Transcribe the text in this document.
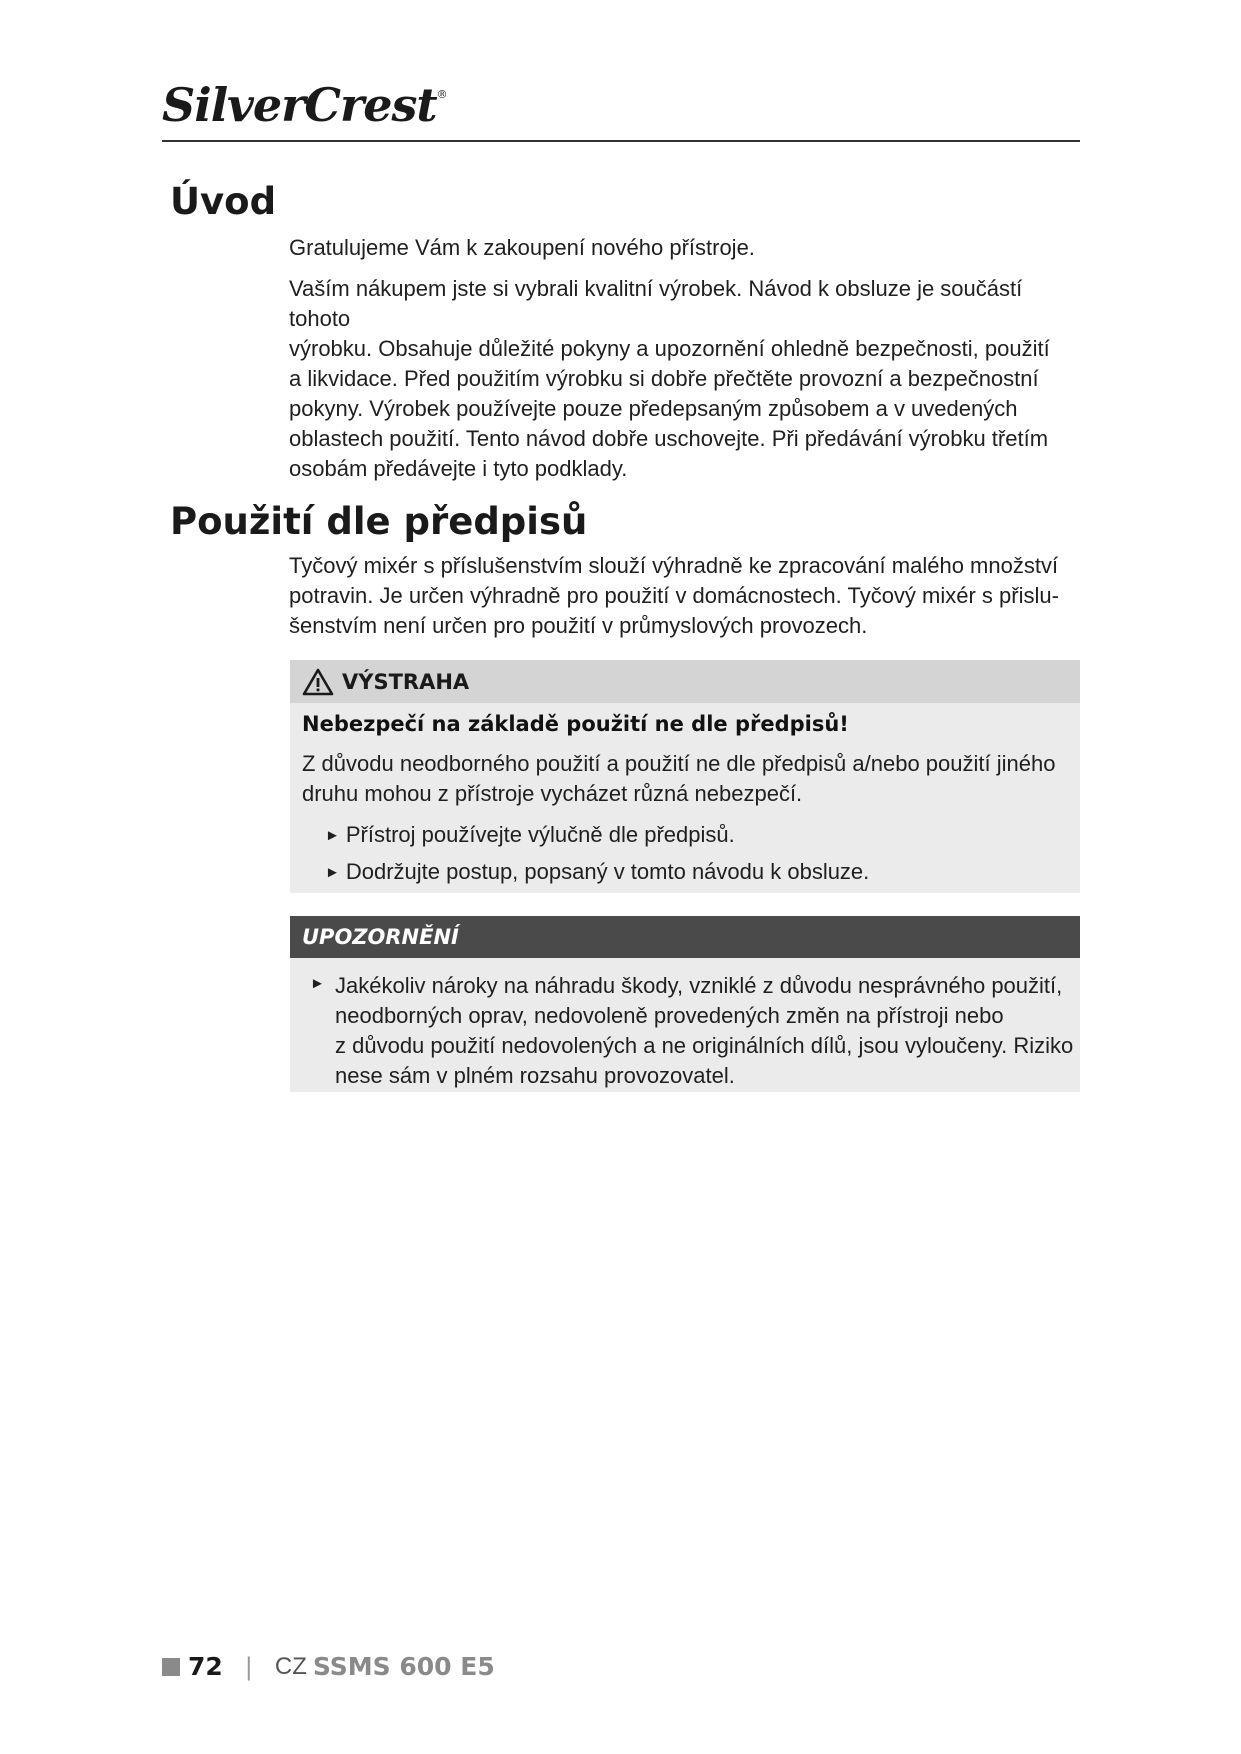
SilverCrest®
Úvod

Gratulujeme Vám k zakoupení nového přístroje.

Vaším nákupem jste si vybrali kvalitní výrobek. Návod k obsluze je součástí tohoto
výrobku. Obsahuje důležité pokyny a upozornění ohledně bezpečnosti, použití
a likvidace. Před použitím výrobku si dobře přečtěte provozní a bezpečnostní
pokyny. Výrobek používejte pouze předepsaným způsobem a v uvedených
oblastech použití. Tento návod dobře uschovejte. Při předávání výrobku třetím
osobám předávejte i tyto podklady.

Použití dle předpisů

Tyčový mixér s příslušenstvím slouží výhradně ke zpracování malého množství
potravin. Je určen výhradně pro použití v domácnostech. Tyčový mixér s přislu-
šenstvím není určen pro použití v průmyslových provozech.

VÝSTRAHA
Nebezpečí na základě použití ne dle předpisů!
Z důvodu neodborného použití a použití ne dle předpisů a/nebo použití jiného
druhu mohou z přístroje vycházet různá nebezpečí.
► Přístroj používejte výlučně dle předpisů.
► Dodržujte postup, popsaný v tomto návodu k obsluze.
UPOZORNĚNÍ
► Jakékoliv nároky na náhradu škody, vzniklé z důvodu nesprávného použití,
neodborných oprav, nedovoleně provedených změn na přístroji nebo
z důvodu použití nedovolených a ne originálních dílů, jsou vyloučeny. Riziko
nese sám v plném rozsahu provozovatel.
72 | CZ SSMS 600 E5
